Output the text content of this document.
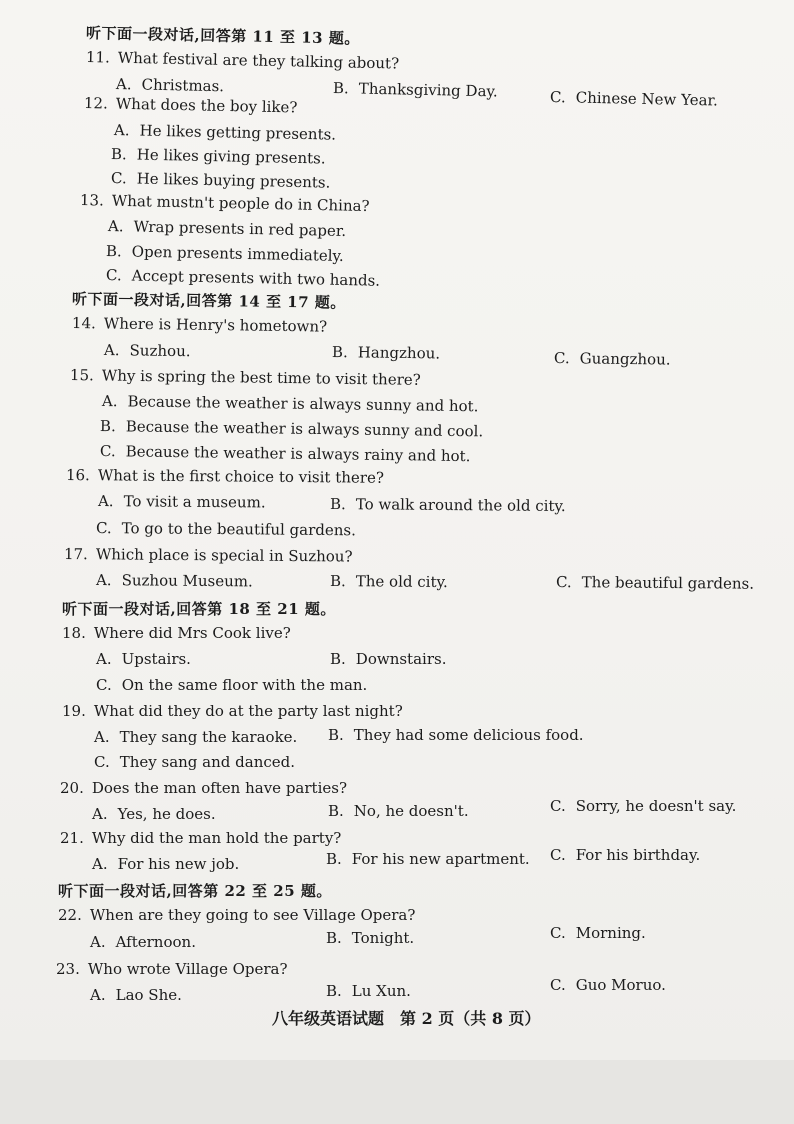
听下面一段对话,回答第 11 至 13 题。
11. What festival are they talking about?
A. Christmas.	B. Thanksgiving Day.	C. Chinese New Year.
12. What does the boy like?
A. He likes getting presents.
B. He likes giving presents.
C. He likes buying presents.
13. What mustn't people do in China?
A. Wrap presents in red paper.
B. Open presents immediately.
C. Accept presents with two hands.
听下面一段对话,回答第 14 至 17 题。
14. Where is Henry's hometown?
A. Suzhou.	B. Hangzhou.	C. Guangzhou.
15. Why is spring the best time to visit there?
A. Because the weather is always sunny and hot.
B. Because the weather is always sunny and cool.
C. Because the weather is always rainy and hot.
16. What is the first choice to visit there?
A. To visit a museum.	B. To walk around the old city.
C. To go to the beautiful gardens.
17. Which place is special in Suzhou?
A. Suzhou Museum.	B. The old city.	C. The beautiful gardens.
听下面一段对话,回答第 18 至 21 题。
18. Where did Mrs Cook live?
A. Upstairs.	B. Downstairs.
C. On the same floor with the man.
19. What did they do at the party last night?
A. They sang the karaoke. B. They had some delicious food.
C. They sang and danced.
20. Does the man often have parties?
A. Yes, he does.	B. No, he doesn't.	C. Sorry, he doesn't say.
21. Why did the man hold the party?
A. For his new job.	B. For his new apartment. C. For his birthday.
听下面一段对话,回答第 22 至 25 题。
22. When are they going to see Village Opera?
A. Afternoon.	B. Tonight.	C. Morning.
23. Who wrote Village Opera?
A. Lao She.	B. Lu Xun.	C. Guo Moruo.
八年级英语试题　第 2 页（共 8 页）
